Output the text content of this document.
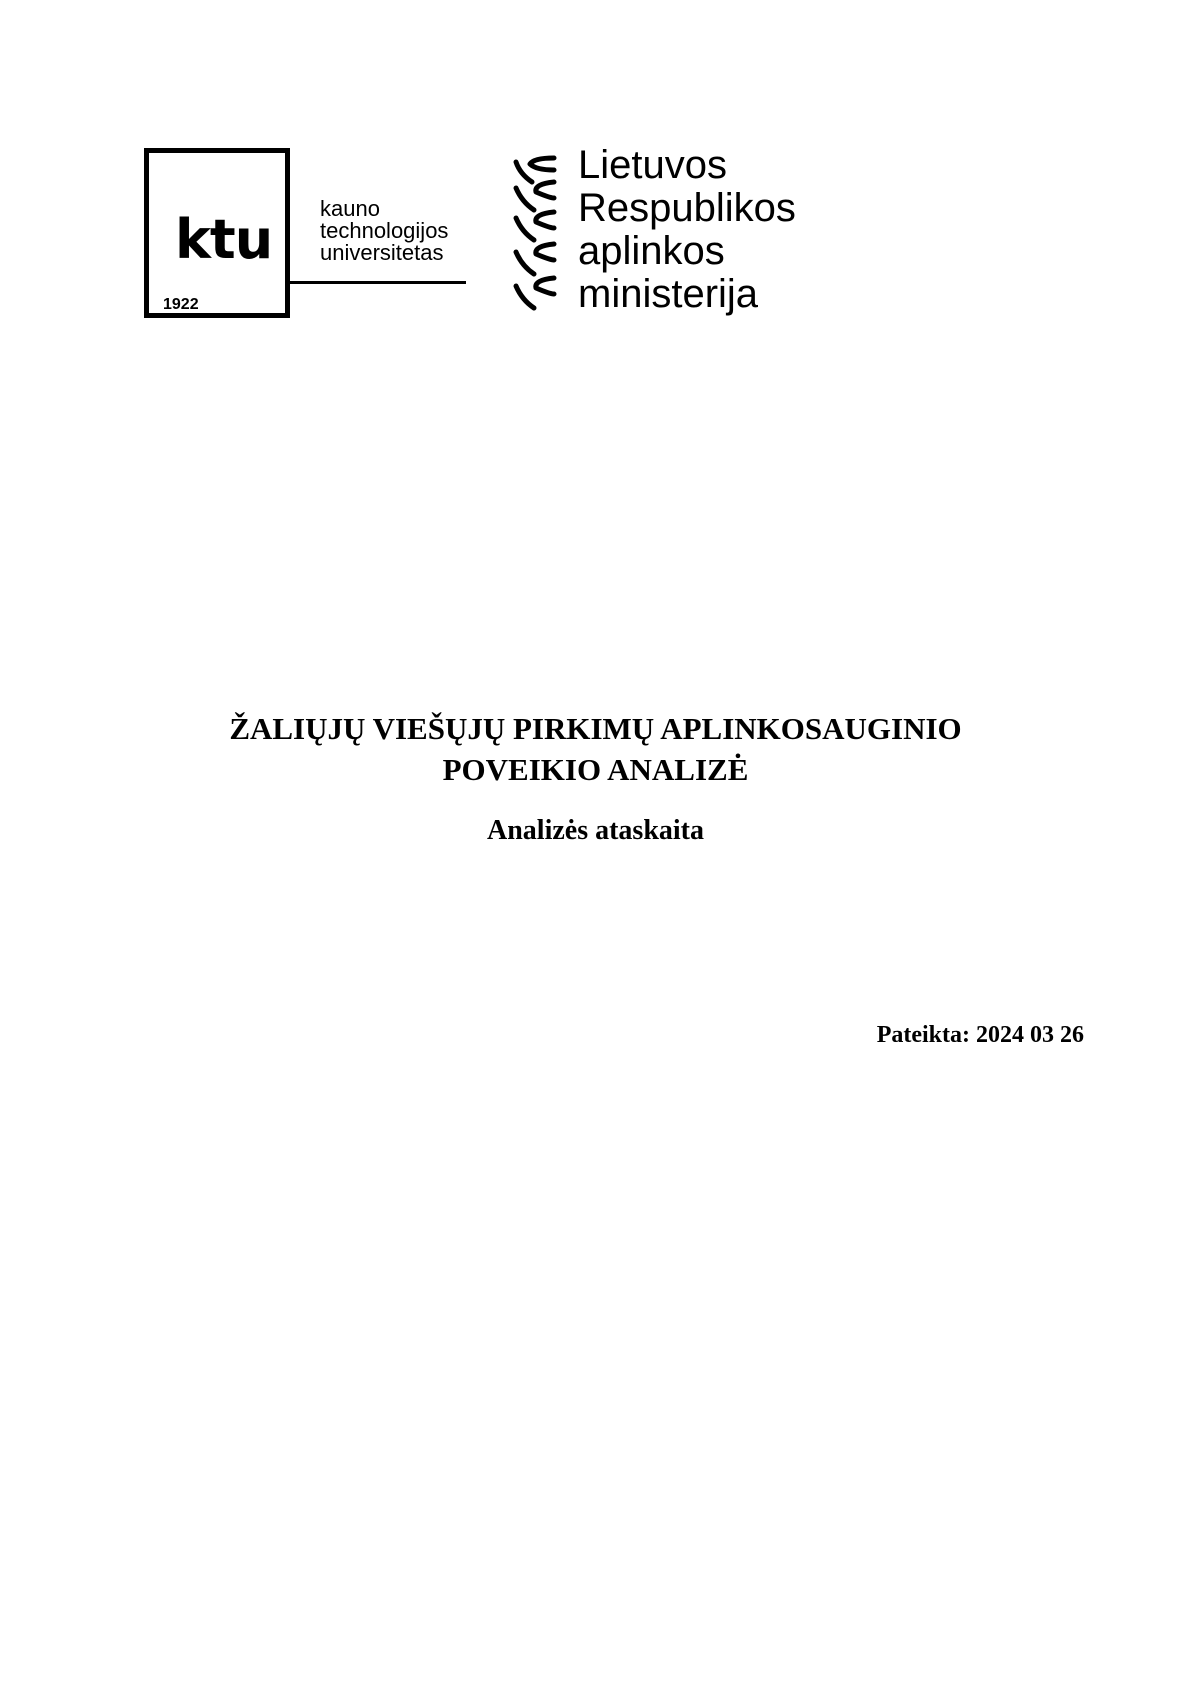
ktu
1922
kauno
technologijos
universitetas
Lietuvos
Respublikos
aplinkos
ministerija
ŽALIŲJŲ VIEŠŲJŲ PIRKIMŲ APLINKOSAUGINIO
POVEIKIO ANALIZĖ
Analizės ataskaita
Pateikta: 2024 03 26
